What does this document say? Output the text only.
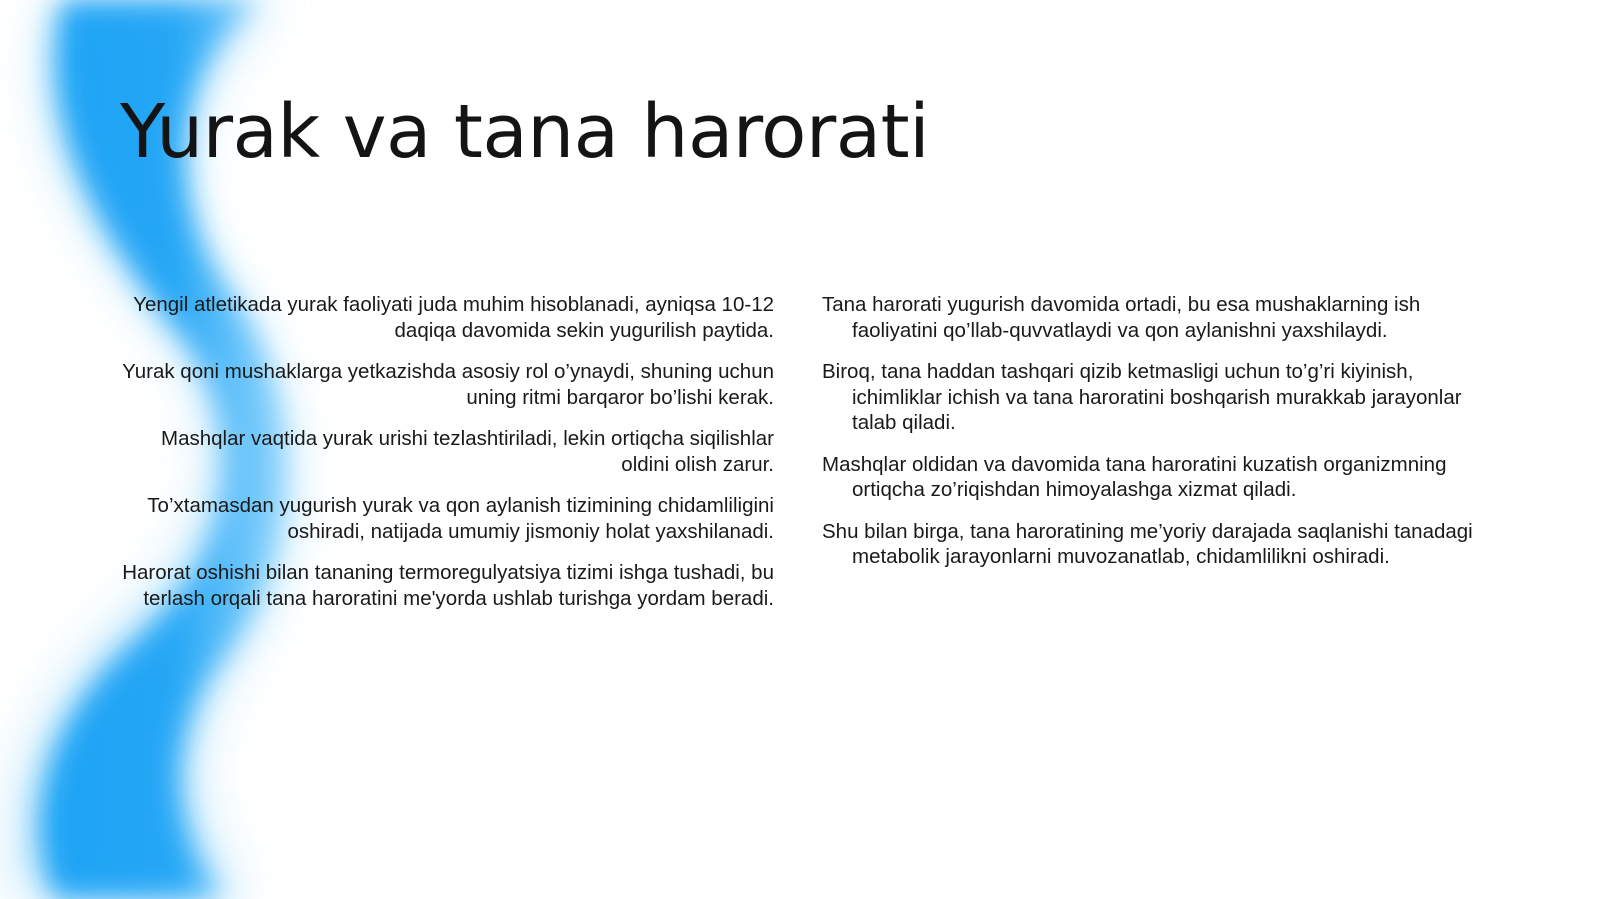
Yurak va tana harorati

Yengil atletikada yurak faoliyati juda muhim hisoblanadi, ayniqsa 10-12 daqiqa davomida sekin yugurilish paytida.

Yurak qoni mushaklarga yetkazishda asosiy rol o’ynaydi, shuning uchun uning ritmi barqaror bo’lishi kerak.

Mashqlar vaqtida yurak urishi tezlashtiriladi, lekin ortiqcha siqilishlar oldini olish zarur.

To’xtamasdan yugurish yurak va qon aylanish tizimining chidamliligini oshiradi, natijada umumiy jismoniy holat yaxshilanadi.

Harorat oshishi bilan tananing termoregulyatsiya tizimi ishga tushadi, bu terlash orqali tana haroratini me'yorda ushlab turishga yordam beradi.

Tana harorati yugurish davomida ortadi, bu esa mushaklarning ish faoliyatini qo’llab-quvvatlaydi va qon aylanishni yaxshilaydi.

Biroq, tana haddan tashqari qizib ketmasligi uchun to’g’ri kiyinish, ichimliklar ichish va tana haroratini boshqarish murakkab jarayonlar talab qiladi.

Mashqlar oldidan va davomida tana haroratini kuzatish organizmning ortiqcha zo’riqishdan himoyalashga xizmat qiladi.

Shu bilan birga, tana haroratining me’yoriy darajada saqlanishi tanadagi metabolik jarayonlarni muvozanatlab, chidamlilikni oshiradi.
